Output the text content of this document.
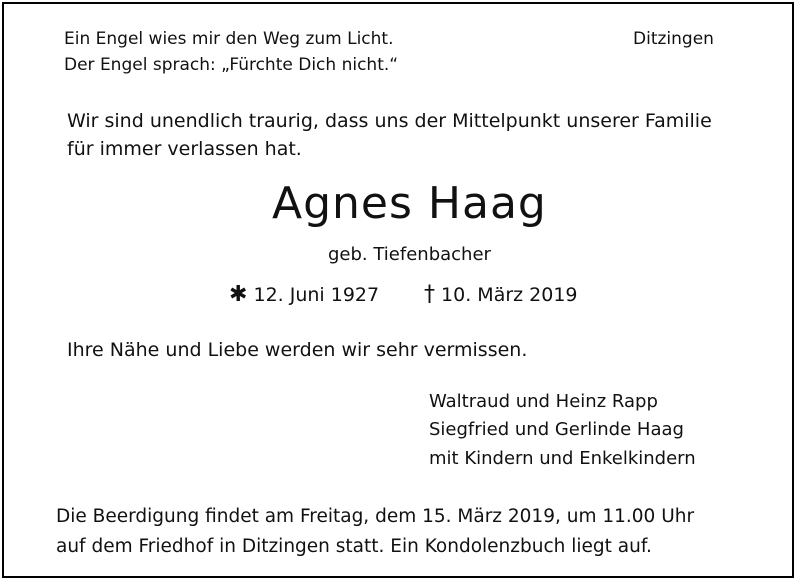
Ein Engel wies mir den Weg zum Licht.
Der Engel sprach: „Fürchte Dich nicht.“
Ditzingen
Wir sind unendlich traurig, dass uns der Mittelpunkt unserer Familie
für immer verlassen hat.
Agnes Haag
geb. Tiefenbacher
✱ 12. Juni 1927 † 10. März 2019
Ihre Nähe und Liebe werden wir sehr vermissen.
Waltraud und Heinz Rapp
Siegfried und Gerlinde Haag
mit Kindern und Enkelkindern
Die Beerdigung findet am Freitag, dem 15. März 2019, um 11.00 Uhr
auf dem Friedhof in Ditzingen statt. Ein Kondolenzbuch liegt auf.
